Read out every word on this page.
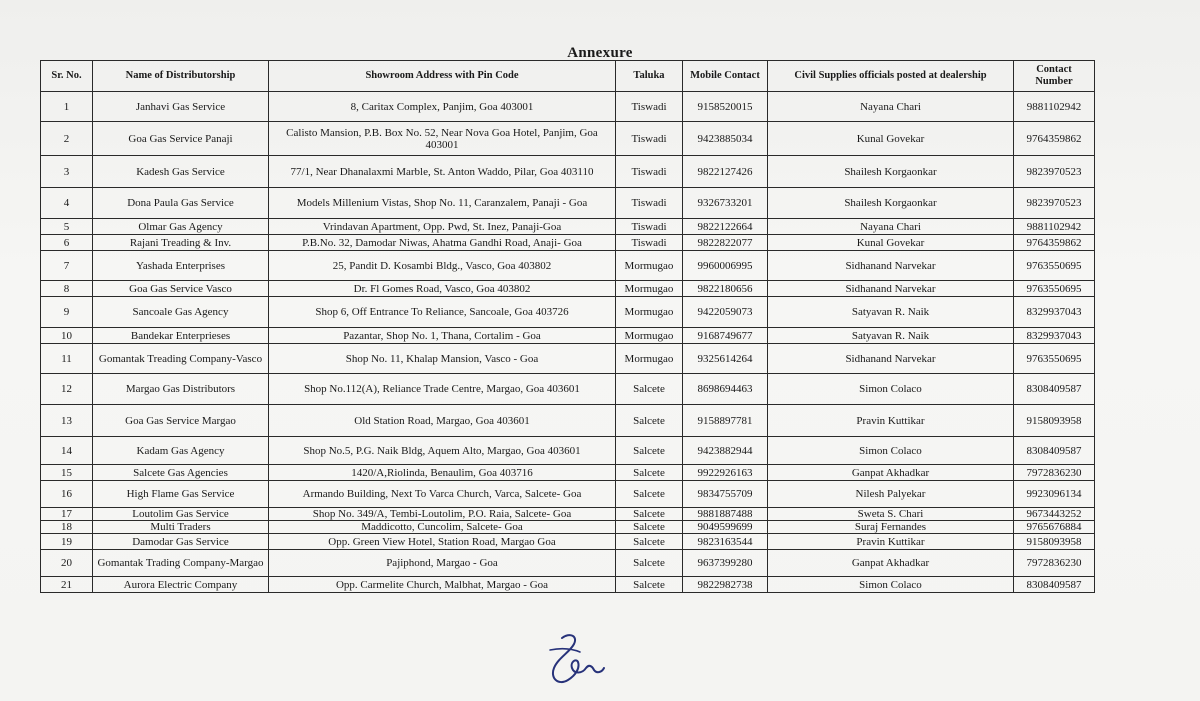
Annexure
Sr. No.	Name of Distributorship	Showroom Address with Pin Code	Taluka	Mobile Contact	Civil Supplies officials posted at dealership	Contact Number
1	Janhavi Gas Service	8, Caritax Complex, Panjim, Goa 403001	Tiswadi	9158520015	Nayana Chari	9881102942
2	Goa Gas Service Panaji	Calisto Mansion, P.B. Box No. 52, Near Nova Goa Hotel, Panjim, Goa 403001	Tiswadi	9423885034	Kunal Govekar	9764359862
3	Kadesh Gas Service	77/1, Near Dhanalaxmi Marble, St. Anton Waddo, Pilar, Goa 403110	Tiswadi	9822127426	Shailesh Korgaonkar	9823970523
4	Dona Paula Gas Service	Models Millenium Vistas, Shop No. 11, Caranzalem, Panaji - Goa	Tiswadi	9326733201	Shailesh Korgaonkar	9823970523
5	Olmar Gas Agency	Vrindavan Apartment, Opp. Pwd, St. Inez, Panaji-Goa	Tiswadi	9822122664	Nayana Chari	9881102942
6	Rajani Treading & Inv.	P.B.No. 32, Damodar Niwas, Ahatma Gandhi Road, Anaji- Goa	Tiswadi	9822822077	Kunal Govekar	9764359862
7	Yashada Enterprises	25, Pandit D. Kosambi Bldg., Vasco, Goa 403802	Mormugao	9960006995	Sidhanand Narvekar	9763550695
8	Goa Gas Service Vasco	Dr. Fl Gomes Road, Vasco, Goa 403802	Mormugao	9822180656	Sidhanand Narvekar	9763550695
9	Sancoale Gas Agency	Shop 6, Off Entrance To Reliance, Sancoale, Goa 403726	Mormugao	9422059073	Satyavan R. Naik	8329937043
10	Bandekar Enterprieses	Pazantar, Shop No. 1, Thana, Cortalim - Goa	Mormugao	9168749677	Satyavan R. Naik	8329937043
11	Gomantak Treading Company-Vasco	Shop No. 11, Khalap Mansion, Vasco - Goa	Mormugao	9325614264	Sidhanand Narvekar	9763550695
12	Margao Gas Distributors	Shop No.112(A), Reliance Trade Centre, Margao, Goa 403601	Salcete	8698694463	Simon Colaco	8308409587
13	Goa Gas Service Margao	Old Station Road, Margao, Goa 403601	Salcete	9158897781	Pravin Kuttikar	9158093958
14	Kadam Gas Agency	Shop No.5, P.G. Naik Bldg, Aquem Alto, Margao, Goa 403601	Salcete	9423882944	Simon Colaco	8308409587
15	Salcete Gas Agencies	1420/A,Riolinda, Benaulim, Goa 403716	Salcete	9922926163	Ganpat Akhadkar	7972836230
16	High Flame Gas Service	Armando Building, Next To Varca Church, Varca, Salcete- Goa	Salcete	9834755709	Nilesh Palyekar	9923096134
17	Loutolim Gas Service	Shop No. 349/A, Tembi-Loutolim, P.O. Raia, Salcete- Goa	Salcete	9881887488	Sweta S. Chari	9673443252
18	Multi Traders	Maddicotto, Cuncolim, Salcete- Goa	Salcete	9049599699	Suraj Fernandes	9765676884
19	Damodar Gas Service	Opp. Green View Hotel, Station Road, Margao Goa	Salcete	9823163544	Pravin Kuttikar	9158093958
20	Gomantak Trading Company-Margao	Pajiphond, Margao - Goa	Salcete	9637399280	Ganpat Akhadkar	7972836230
21	Aurora Electric Company	Opp. Carmelite Church, Malbhat, Margao - Goa	Salcete	9822982738	Simon Colaco	8308409587
